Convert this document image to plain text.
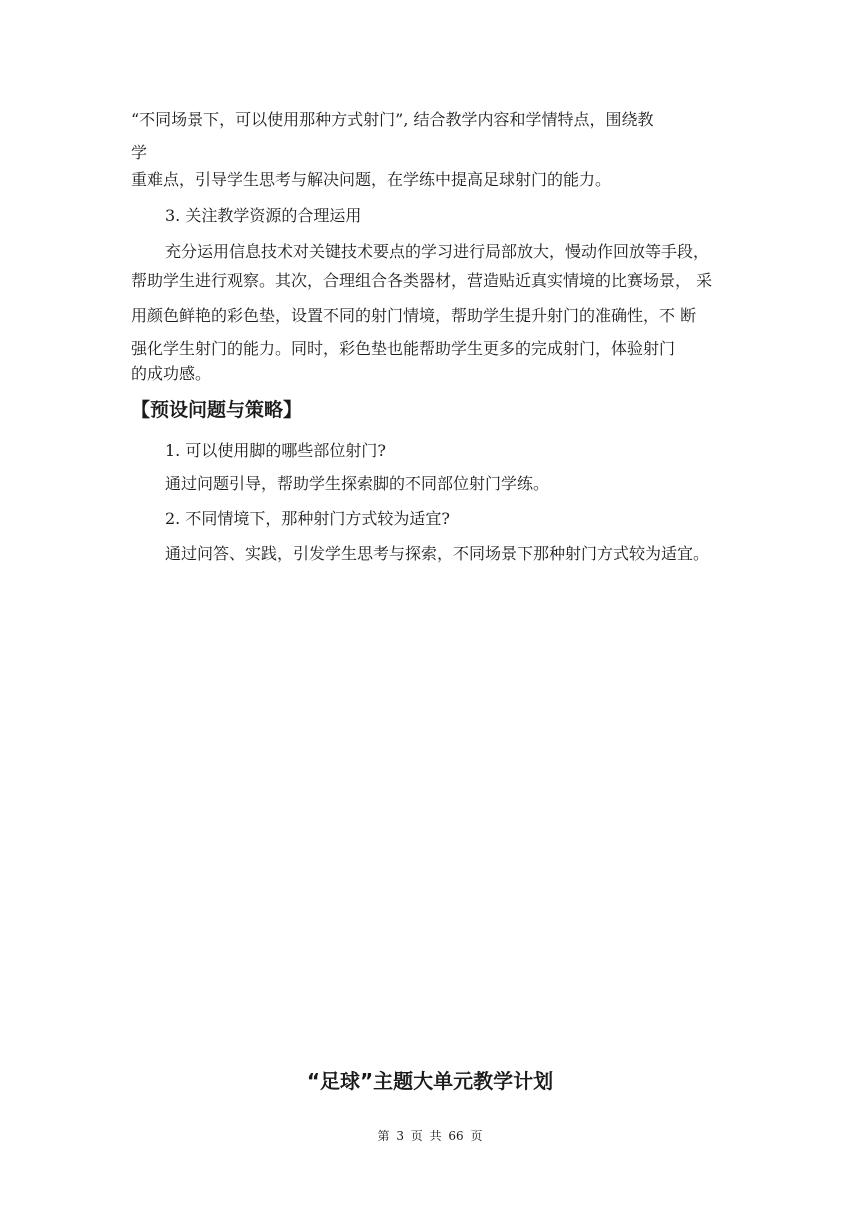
“不同场景下，可以使用那种方式射门”, 结合教学内容和学情特点，围绕教
学
重难点，引导学生思考与解决问题，在学练中提高足球射门的能力。
3. 关注教学资源的合理运用
充分运用信息技术对关键技术要点的学习进行局部放大，慢动作回放等手段，
帮助学生进行观察。其次，合理组合各类器材，营造贴近真实情境的比赛场景， 采
用颜色鲜艳的彩色垫，设置不同的射门情境，帮助学生提升射门的准确性，不 断
强化学生射门的能力。同时，彩色垫也能帮助学生更多的完成射门，体验射门
的成功感。
【预设问题与策略】
1. 可以使用脚的哪些部位射门?
通过问题引导，帮助学生探索脚的不同部位射门学练。
2. 不同情境下，那种射门方式较为适宜?
通过问答、实践，引发学生思考与探索，不同场景下那种射门方式较为适宜。
“足球”主题大单元教学计划
第 3 页 共 66 页
